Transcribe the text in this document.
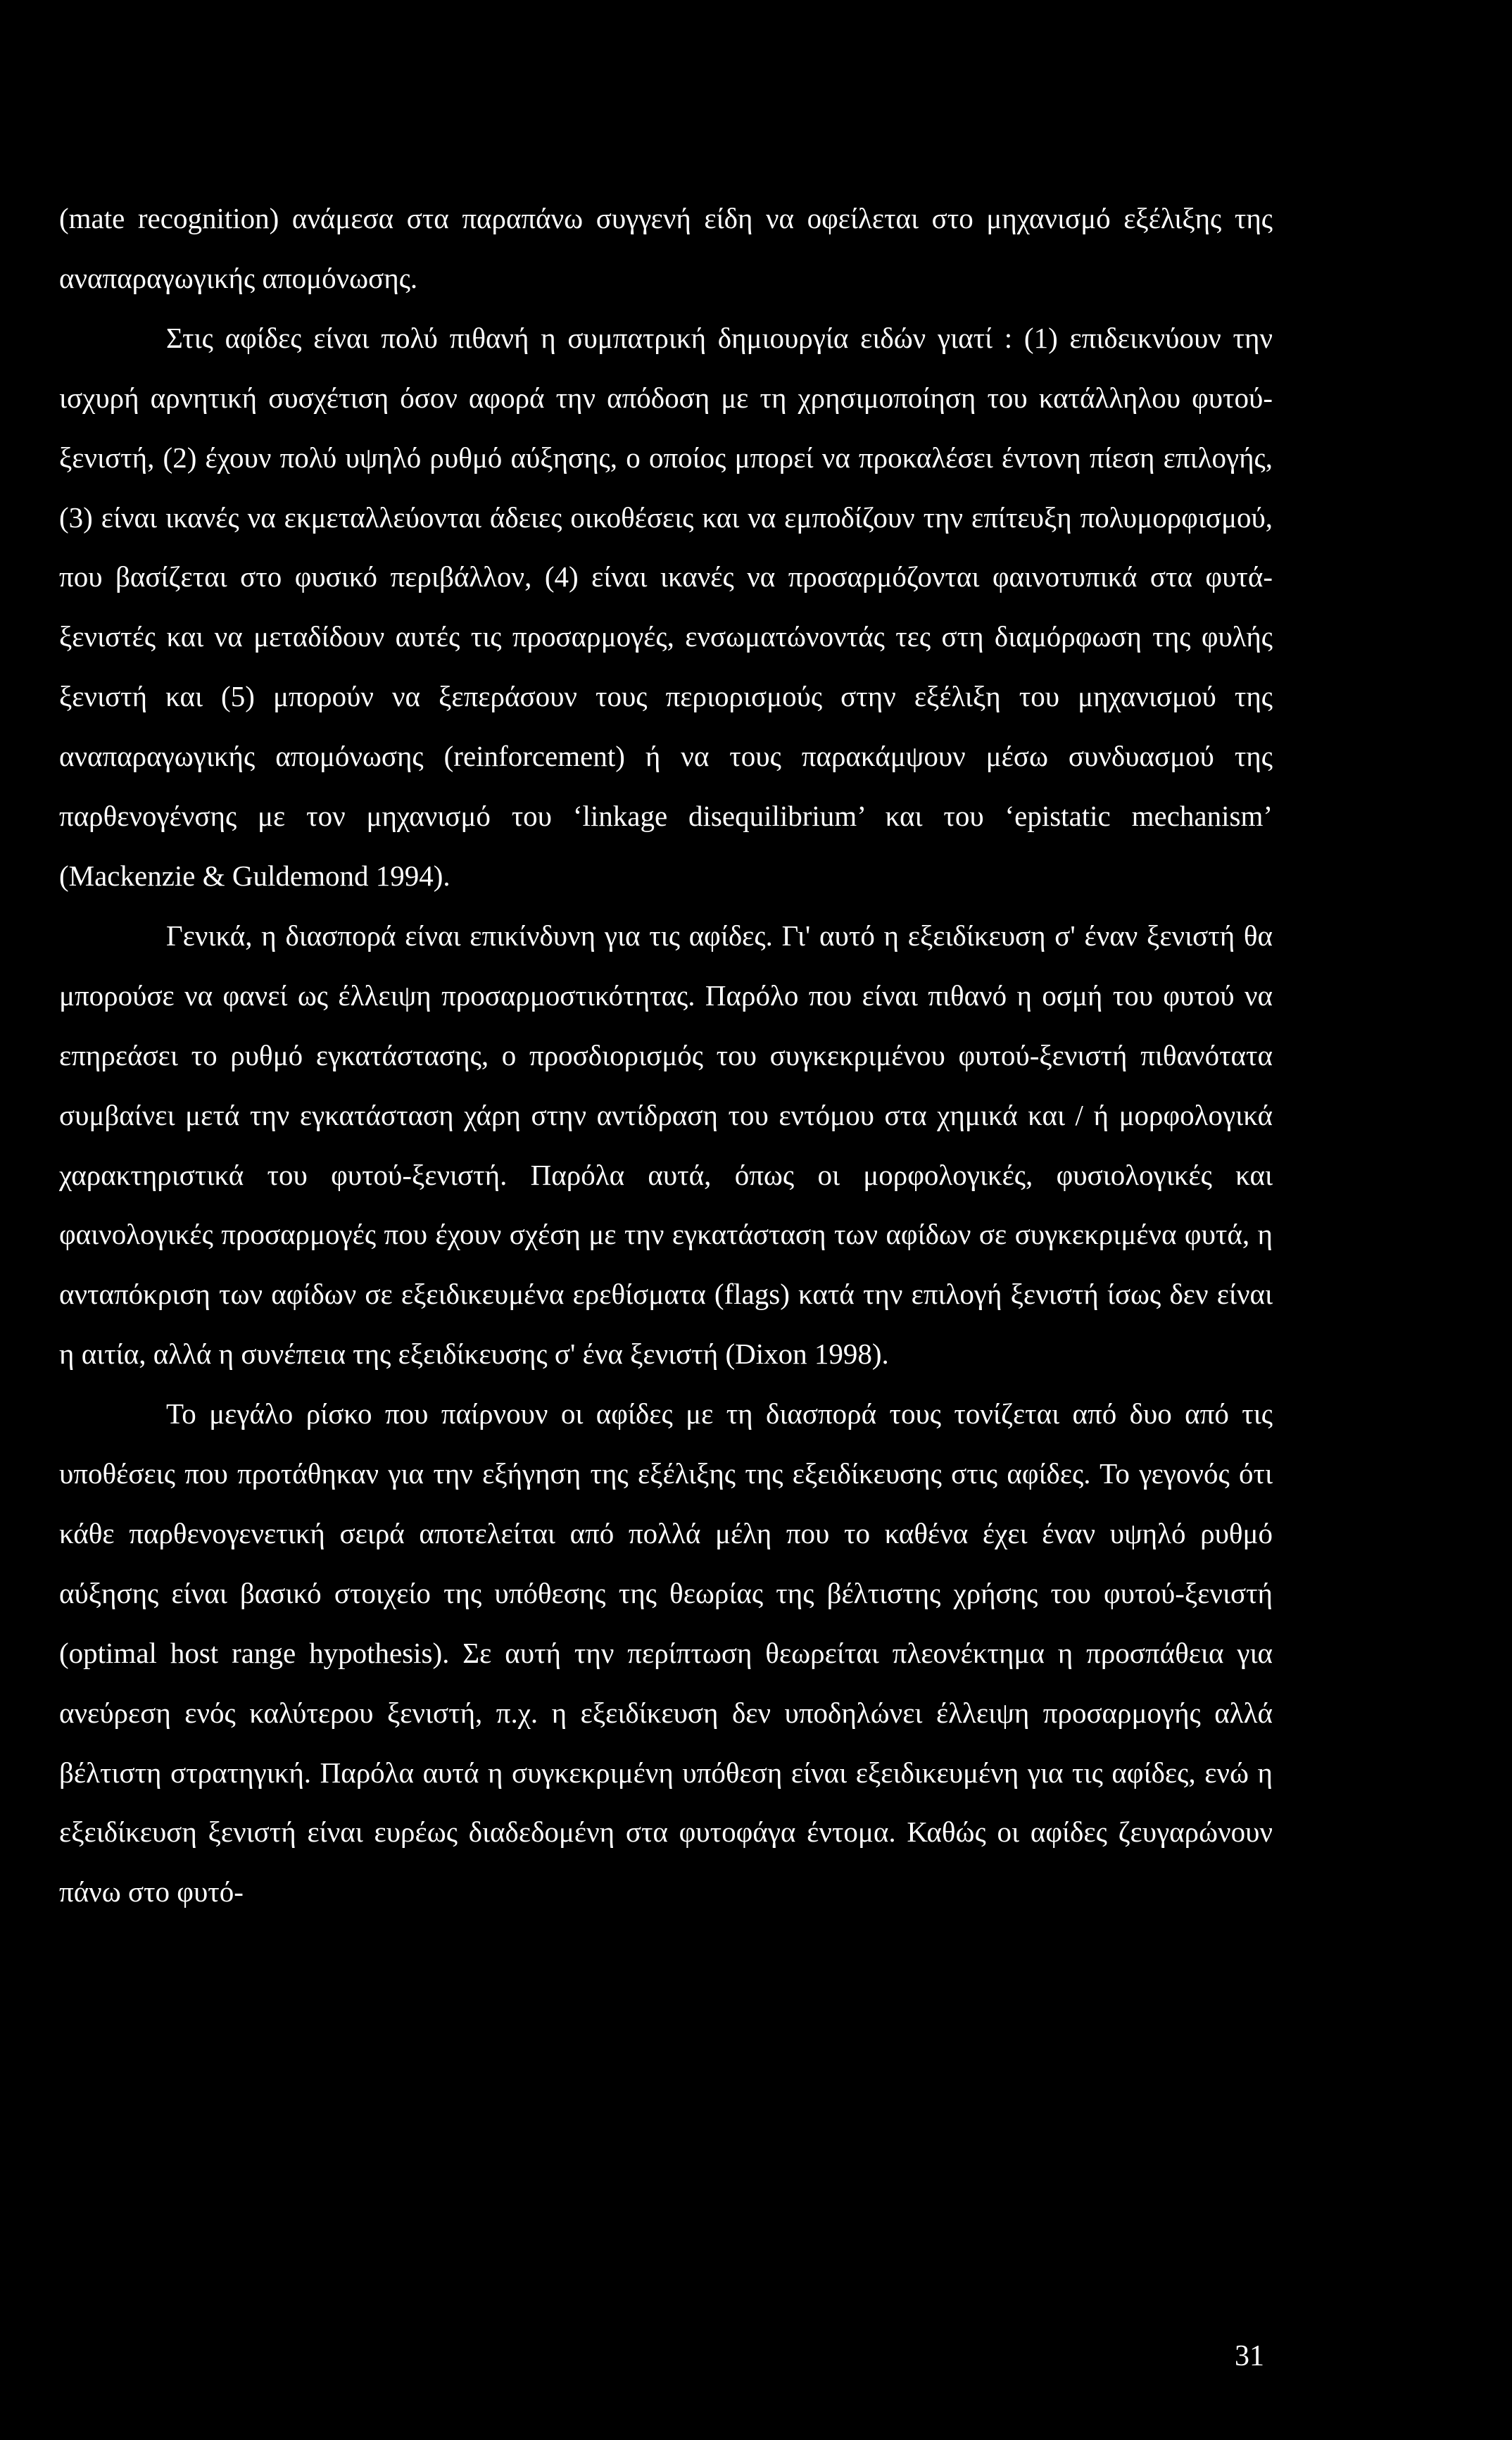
(mate recognition) ανάμεσα στα παραπάνω συγγενή είδη να οφείλεται στο μηχανισμό εξέλιξης της αναπαραγωγικής απομόνωσης.

Στις αφίδες είναι πολύ πιθανή η συμπατρική δημιουργία ειδών γιατί : (1) επιδεικνύουν την ισχυρή αρνητική συσχέτιση όσον αφορά την απόδοση με τη χρησιμοποίηση του κατάλληλου φυτού-ξενιστή, (2) έχουν πολύ υψηλό ρυθμό αύξησης, ο οποίος μπορεί να προκαλέσει έντονη πίεση επιλογής, (3) είναι ικανές να εκμεταλλεύονται άδειες οικοθέσεις και να εμποδίζουν την επίτευξη πολυμορφισμού, που βασίζεται στο φυσικό περιβάλλον, (4) είναι ικανές να προσαρμόζονται φαινοτυπικά στα φυτά-ξενιστές και να μεταδίδουν αυτές τις προσαρμογές, ενσωματώνοντάς τες στη διαμόρφωση της φυλής ξενιστή και (5) μπορούν να ξεπεράσουν τους περιορισμούς στην εξέλιξη του μηχανισμού της αναπαραγωγικής απομόνωσης (reinforcement) ή να τους παρακάμψουν μέσω συνδυασμού της παρθενογένσης με τον μηχανισμό του ‘linkage disequilibrium’ και του ‘epistatic mechanism’ (Mackenzie & Guldemond 1994).

Γενικά, η διασπορά είναι επικίνδυνη για τις αφίδες. Γι' αυτό η εξειδίκευση σ' έναν ξενιστή θα μπορούσε να φανεί ως έλλειψη προσαρμοστικότητας. Παρόλο που είναι πιθανό η οσμή του φυτού να επηρεάσει το ρυθμό εγκατάστασης, ο προσδιορισμός του συγκεκριμένου φυτού-ξενιστή πιθανότατα συμβαίνει μετά την εγκατάσταση χάρη στην αντίδραση του εντόμου στα χημικά και / ή μορφολογικά χαρακτηριστικά του φυτού-ξενιστή. Παρόλα αυτά, όπως οι μορφολογικές, φυσιολογικές και φαινολογικές προσαρμογές που έχουν σχέση με την εγκατάσταση των αφίδων σε συγκεκριμένα φυτά, η ανταπόκριση των αφίδων σε εξειδικευμένα ερεθίσματα (flags) κατά την επιλογή ξενιστή ίσως δεν είναι η αιτία, αλλά η συνέπεια της εξειδίκευσης σ' ένα ξενιστή (Dixon 1998).

Το μεγάλο ρίσκο που παίρνουν οι αφίδες με τη διασπορά τους τονίζεται από δυο από τις υποθέσεις που προτάθηκαν για την εξήγηση της εξέλιξης της εξειδίκευσης στις αφίδες. Το γεγονός ότι κάθε παρθενογενετική σειρά αποτελείται από πολλά μέλη που το καθένα έχει έναν υψηλό ρυθμό αύξησης είναι βασικό στοιχείο της υπόθεσης της θεωρίας της βέλτιστης χρήσης του φυτού-ξενιστή (optimal host range hypothesis). Σε αυτή την περίπτωση θεωρείται πλεονέκτημα η προσπάθεια για ανεύρεση ενός καλύτερου ξενιστή, π.χ. η εξειδίκευση δεν υποδηλώνει έλλειψη προσαρμογής αλλά βέλτιστη στρατηγική. Παρόλα αυτά η συγκεκριμένη υπόθεση είναι εξειδικευμένη για τις αφίδες, ενώ η εξειδίκευση ξενιστή είναι ευρέως διαδεδομένη στα φυτοφάγα έντομα. Καθώς οι αφίδες ζευγαρώνουν πάνω στο φυτό-

31
